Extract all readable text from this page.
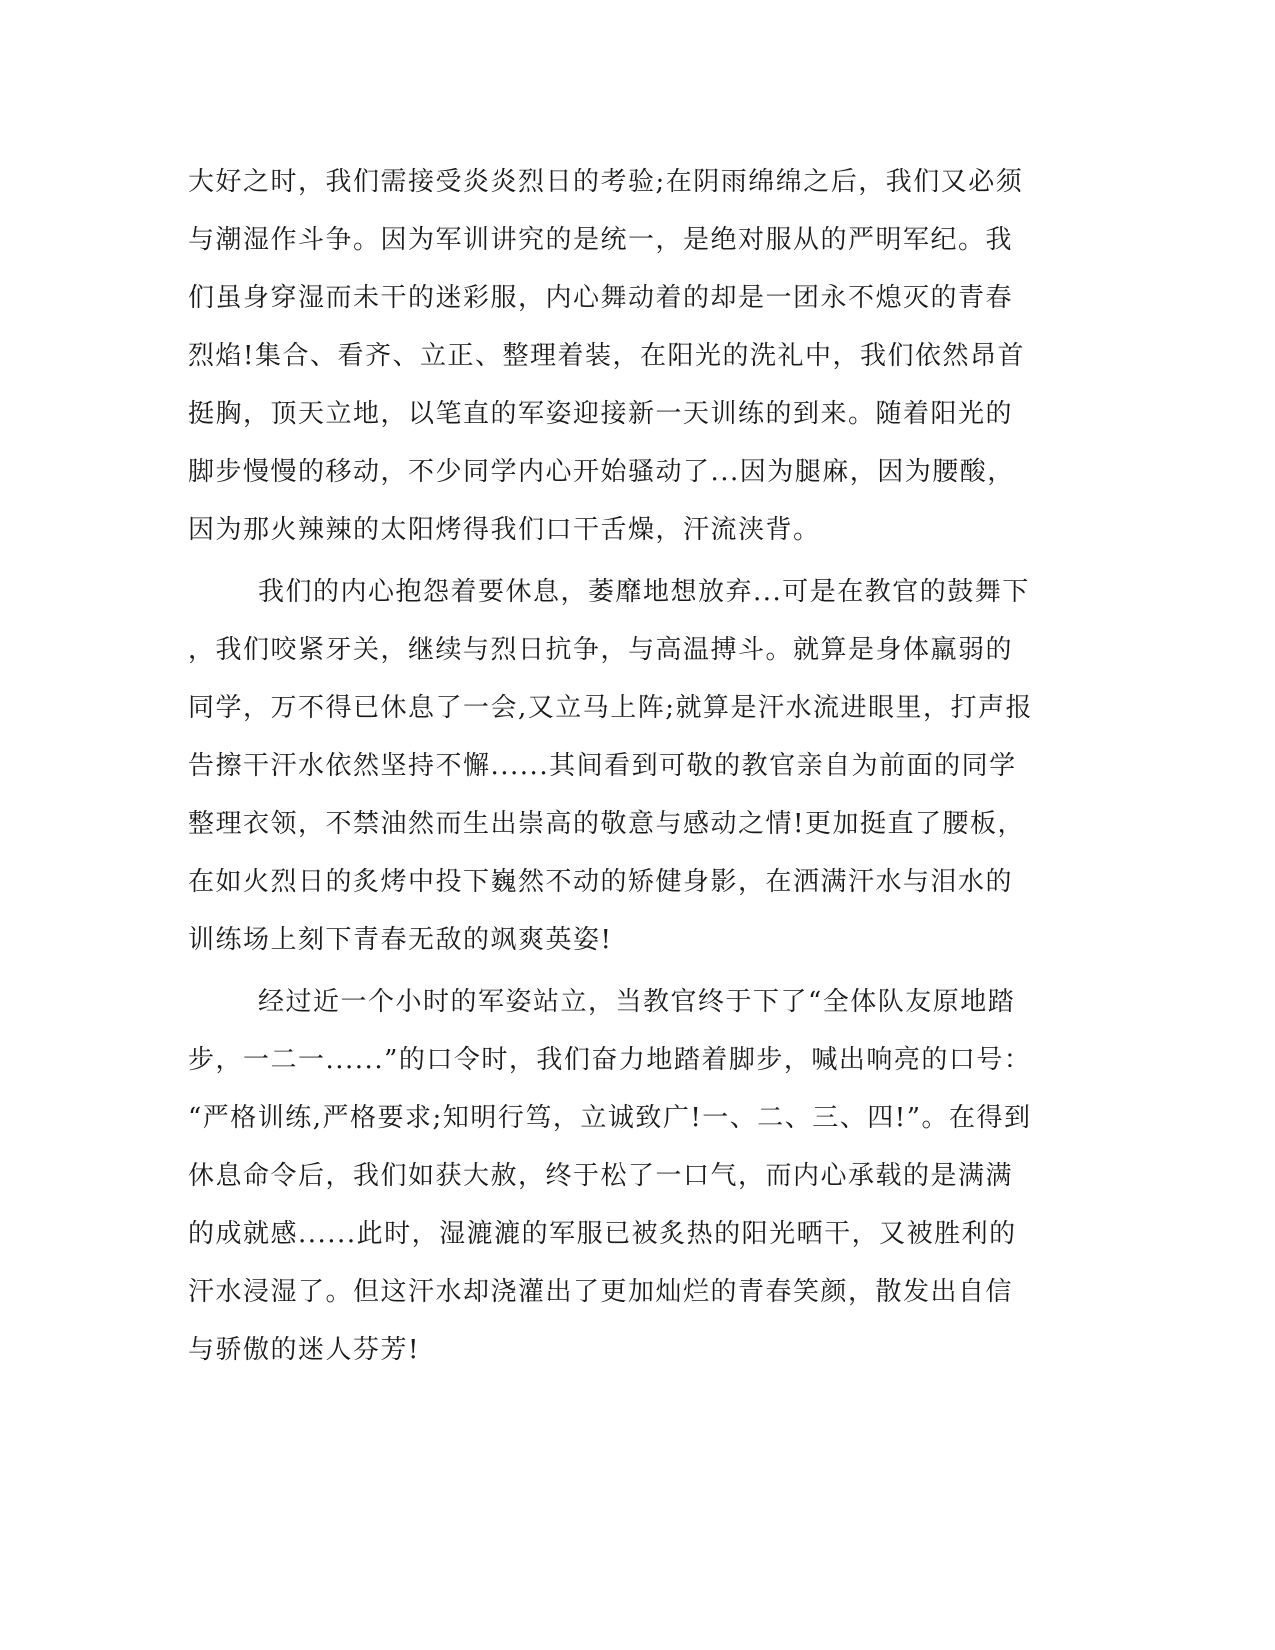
大好之时，我们需接受炎炎烈日的考验;在阴雨绵绵之后，我们又必须
与潮湿作斗争。因为军训讲究的是统一，是绝对服从的严明军纪。我
们虽身穿湿而未干的迷彩服，内心舞动着的却是一团永不熄灭的青春
烈焰!集合、看齐、立正、整理着装，在阳光的洗礼中，我们依然昂首
挺胸，顶天立地，以笔直的军姿迎接新一天训练的到来。随着阳光的
脚步慢慢的移动，不少同学内心开始骚动了...因为腿麻，因为腰酸，
因为那火辣辣的太阳烤得我们口干舌燥，汗流浃背。
我们的内心抱怨着要休息，萎靡地想放弃...可是在教官的鼓舞下
，我们咬紧牙关，继续与烈日抗争，与高温搏斗。就算是身体羸弱的
同学，万不得已休息了一会,又立马上阵;就算是汗水流进眼里，打声报
告擦干汗水依然坚持不懈......其间看到可敬的教官亲自为前面的同学
整理衣领，不禁油然而生出崇高的敬意与感动之情!更加挺直了腰板，
在如火烈日的炙烤中投下巍然不动的矫健身影，在洒满汗水与泪水的
训练场上刻下青春无敌的飒爽英姿!
经过近一个小时的军姿站立，当教官终于下了“全体队友原地踏
步，一二一......”的口令时，我们奋力地踏着脚步，喊出响亮的口号：
“严格训练,严格要求;知明行笃，立诚致广!一、二、三、四!”。在得到
休息命令后，我们如获大赦，终于松了一口气，而内心承载的是满满
的成就感......此时，湿漉漉的军服已被炙热的阳光晒干，又被胜利的
汗水浸湿了。但这汗水却浇灌出了更加灿烂的青春笑颜，散发出自信
与骄傲的迷人芬芳!
